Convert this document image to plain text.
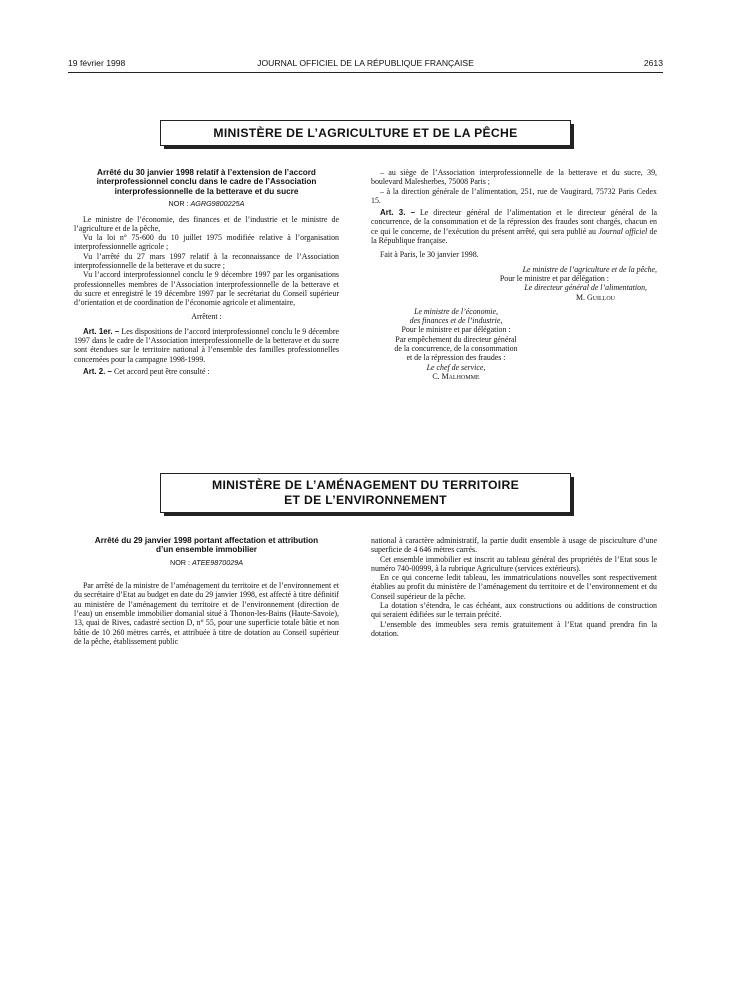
19 février 1998	JOURNAL OFFICIEL DE LA RÉPUBLIQUE FRANÇAISE	2613
MINISTÈRE DE L’AGRICULTURE ET DE LA PÊCHE
Arrêté du 30 janvier 1998 relatif à l’extension de l’accord interprofessionnel conclu dans le cadre de l’Association interprofessionnelle de la betterave et du sucre
NOR : AGRG9800225A

Le ministre de l’économie, des finances et de l’industrie et le ministre de l’agriculture et de la pêche,

Vu la loi n° 75-600 du 10 juillet 1975 modifiée relative à l’organisation interprofessionnelle agricole ;

Vu l’arrêté du 27 mars 1997 relatif à la reconnaissance de l’Association interprofessionnelle de la betterave et du sucre ;

Vu l’accord interprofessionnel conclu le 9 décembre 1997 par les organisations professionnelles membres de l’Association interprofessionnelle de la betterave et du sucre et enregistré le 19 décembre 1997 par le secrétariat du Conseil supérieur d’orientation et de coordination de l’économie agricole et alimentaire,

Arrêtent :

Art. 1er. – Les dispositions de l’accord interprofessionnel conclu le 9 décembre 1997 dans le cadre de l’Association interprofessionnelle de la betterave et du sucre sont étendues sur le territoire national à l’ensemble des familles professionnelles concernées pour la campagne 1998-1999.

Art. 2. – Cet accord peut être consulté :

– au siège de l’Association interprofessionnelle de la betterave et du sucre, 39, boulevard Malesherbes, 75008 Paris ;

– à la direction générale de l’alimentation, 251, rue de Vaugirard, 75732 Paris Cedex 15.

Art. 3. – Le directeur général de l’alimentation et le directeur général de la concurrence, de la consommation et de la répression des fraudes sont chargés, chacun en ce qui le concerne, de l’exécution du présent arrêté, qui sera publié au Journal officiel de la République française.

Fait à Paris, le 30 janvier 1998.

Le ministre de l’agriculture et de la pêche,

Pour le ministre et par délégation :

Le directeur général de l’alimentation,

M. Guillou

Le ministre de l’économie,
des finances et de l’industrie,
Pour le ministre et par délégation :
Par empêchement du directeur général
de la concurrence, de la consommation
et de la répression des fraudes :
Le chef de service,
C. Malhomme
MINISTÈRE DE L’AMÉNAGEMENT DU TERRITOIRE
ET DE L’ENVIRONNEMENT
Arrêté du 29 janvier 1998 portant affectation et attribution d’un ensemble immobilier
NOR : ATEE9870029A

Par arrêté de la ministre de l’aménagement du territoire et de l’environnement et du secrétaire d’Etat au budget en date du 29 janvier 1998, est affecté à titre définitif au ministère de l’aménagement du territoire et de l’environnement (direction de l’eau) un ensemble immobilier domanial situé à Thonon-les-Bains (Haute-Savoie), 13, quai de Rives, cadastré section D, n° 55, pour une superficie totale bâtie et non bâtie de 10 260 mètres carrés, et attribuée à titre de dotation au Conseil supérieur de la pêche, établissement public

national à caractère administratif, la partie dudit ensemble à usage de pisciculture d’une superficie de 4 646 mètres carrés.

Cet ensemble immobilier est inscrit au tableau général des propriétés de l’Etat sous le numéro 740-00999, à la rubrique Agriculture (services extérieurs).

En ce qui concerne ledit tableau, les immatriculations nouvelles sont respectivement établies au profit du ministère de l’aménagement du territoire et de l’environnement et du Conseil supérieur de la pêche.

La dotation s’étendra, le cas échéant, aux constructions ou additions de construction qui seraient édifiées sur le terrain précité.

L’ensemble des immeubles sera remis gratuitement à l’Etat quand prendra fin la dotation.
